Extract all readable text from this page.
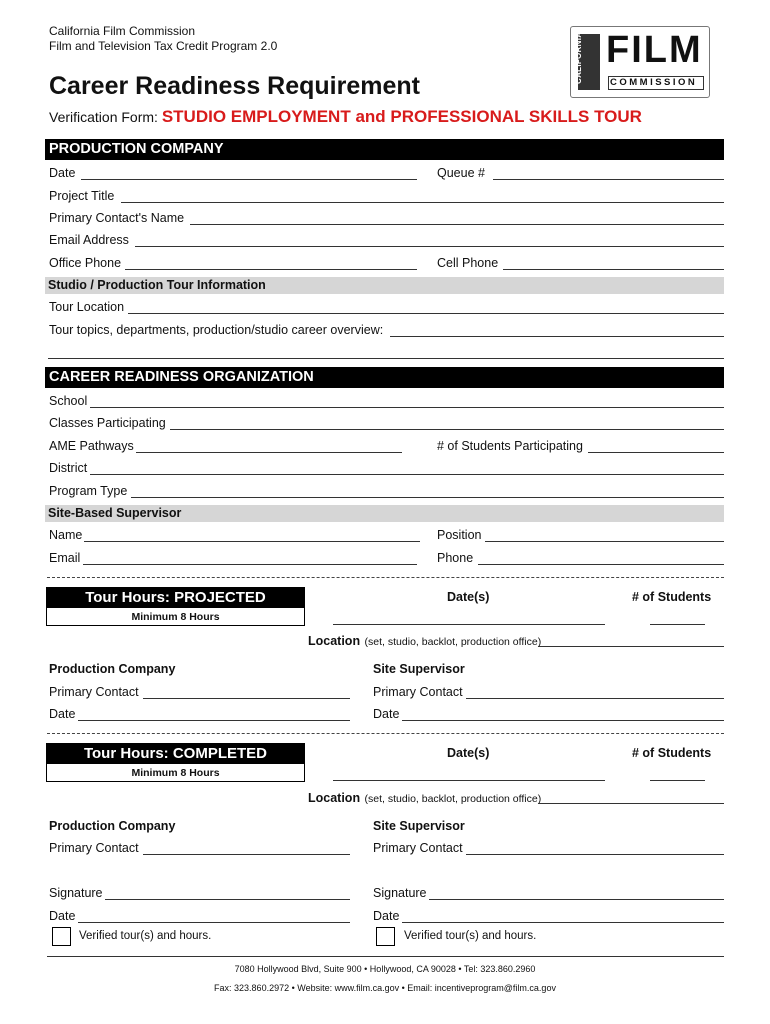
California Film Commission
Film and Television Tax Credit Program 2.0
Career Readiness Requirement
Verification Form: STUDIO EMPLOYMENT and PROFESSIONAL SKILLS TOUR
CALIFORNIA FILM
COMMISSION
PRODUCTION COMPANY
Date	Queue #
Project Title
Primary Contact's Name
Email Address
Office Phone	Cell Phone
Studio / Production Tour Information
Tour Location
Tour topics, departments, production/studio career overview:
CAREER READINESS ORGANIZATION
School
Classes Participating
AME Pathways	# of Students Participating
District
Program Type
Site-Based Supervisor
Name	Position
Email	Phone
Tour Hours: PROJECTED
Minimum 8 Hours
Date(s)	# of Students
Location (set, studio, backlot, production office)
Production Company	Site Supervisor
Primary Contact	Primary Contact
Date	Date
Tour Hours: COMPLETED
Minimum 8 Hours
Date(s)	# of Students
Location (set, studio, backlot, production office)
Production Company	Site Supervisor
Primary Contact	Primary Contact
Signature	Signature
Date	Date
Verified tour(s) and hours.	Verified tour(s) and hours.
7080 Hollywood Blvd, Suite 900 • Hollywood, CA 90028 • Tel: 323.860.2960
Fax: 323.860.2972 • Website: www.film.ca.gov • Email: incentiveprogram@film.ca.gov
